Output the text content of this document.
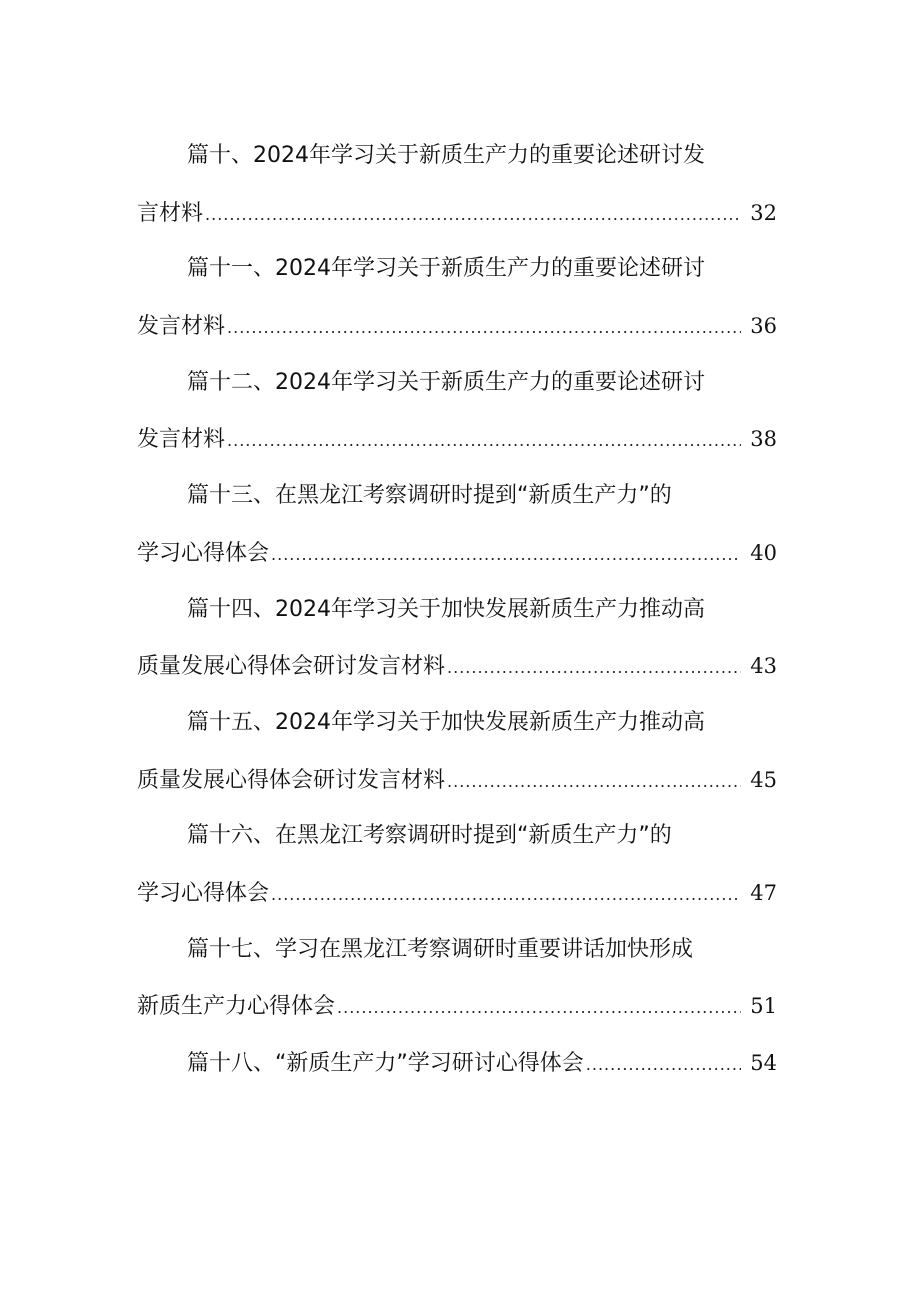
篇十、2024年学习关于新质生产力的重要论述研讨发
言材料 .....	32
篇十一、2024年学习关于新质生产力的重要论述研讨
发言材料 .....	36
篇十二、2024年学习关于新质生产力的重要论述研讨
发言材料 .....	38
篇十三、在黑龙江考察调研时提到“新质生产力”的
学习心得体会 .....	40
篇十四、2024年学习关于加快发展新质生产力推动高
质量发展心得体会研讨发言材料 .....	43
篇十五、2024年学习关于加快发展新质生产力推动高
质量发展心得体会研讨发言材料 .....	45
篇十六、在黑龙江考察调研时提到“新质生产力”的
学习心得体会 .....	47
篇十七、学习在黑龙江考察调研时重要讲话加快形成
新质生产力心得体会 .....	51
篇十八、“新质生产力”学习研讨心得体会 .....	54
